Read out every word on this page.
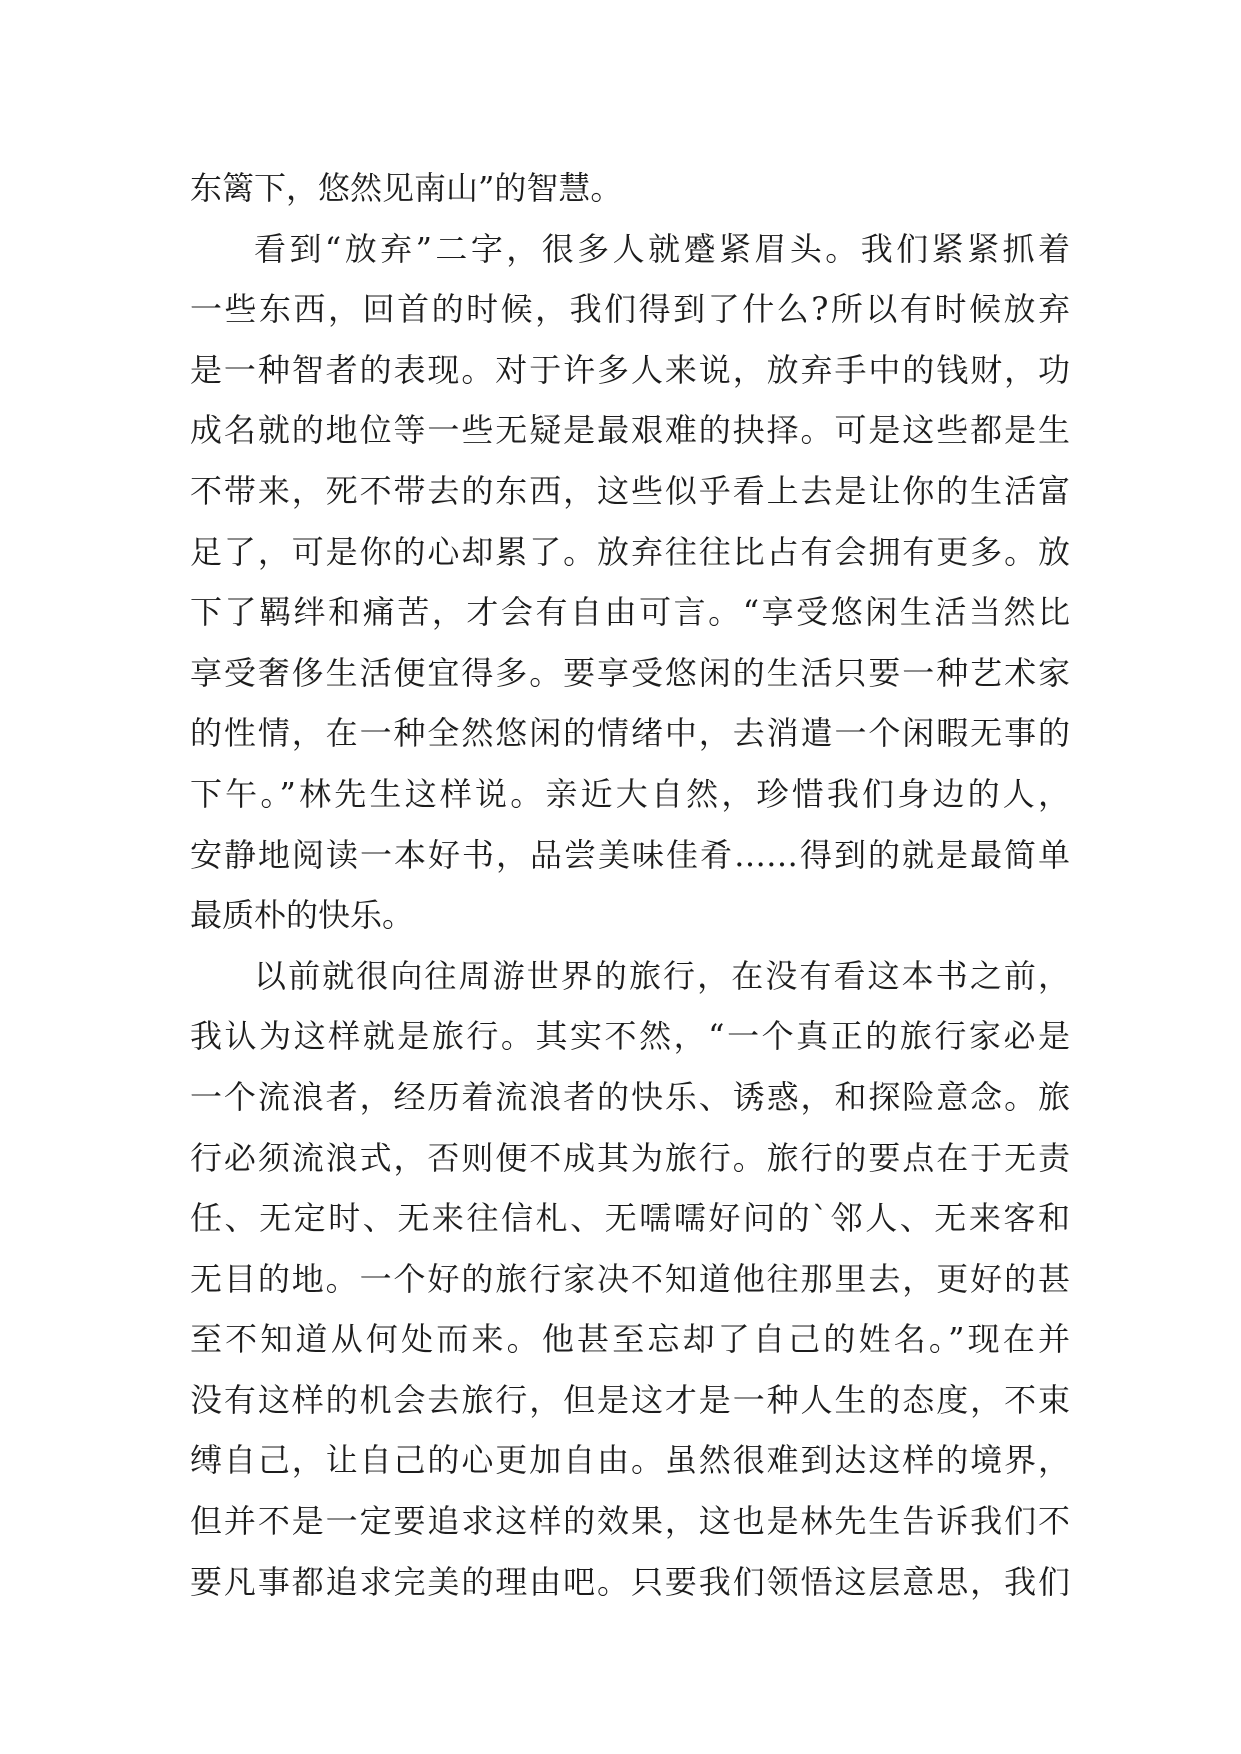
东篱下，悠然见南山”的智慧。
看到“放弃”二字，很多人就蹙紧眉头。我们紧紧抓着
一些东西，回首的时候，我们得到了什么?所以有时候放弃
是一种智者的表现。对于许多人来说，放弃手中的钱财，功
成名就的地位等一些无疑是最艰难的抉择。可是这些都是生
不带来，死不带去的东西，这些似乎看上去是让你的生活富
足了，可是你的心却累了。放弃往往比占有会拥有更多。放
下了羁绊和痛苦，才会有自由可言。“享受悠闲生活当然比
享受奢侈生活便宜得多。要享受悠闲的生活只要一种艺术家
的性情，在一种全然悠闲的情绪中，去消遣一个闲暇无事的
下午。”林先生这样说。亲近大自然，珍惜我们身边的人，
安静地阅读一本好书，品尝美味佳肴……得到的就是最简单
最质朴的快乐。
以前就很向往周游世界的旅行，在没有看这本书之前，
我认为这样就是旅行。其实不然，“一个真正的旅行家必是
一个流浪者，经历着流浪者的快乐、诱惑，和探险意念。旅
行必须流浪式，否则便不成其为旅行。旅行的要点在于无责
任、无定时、无来往信札、无嚅嚅好问的`邻人、无来客和
无目的地。一个好的旅行家决不知道他往那里去，更好的甚
至不知道从何处而来。他甚至忘却了自己的姓名。”现在并
没有这样的机会去旅行，但是这才是一种人生的态度，不束
缚自己，让自己的心更加自由。虽然很难到达这样的境界，
但并不是一定要追求这样的效果，这也是林先生告诉我们不
要凡事都追求完美的理由吧。只要我们领悟这层意思，我们
